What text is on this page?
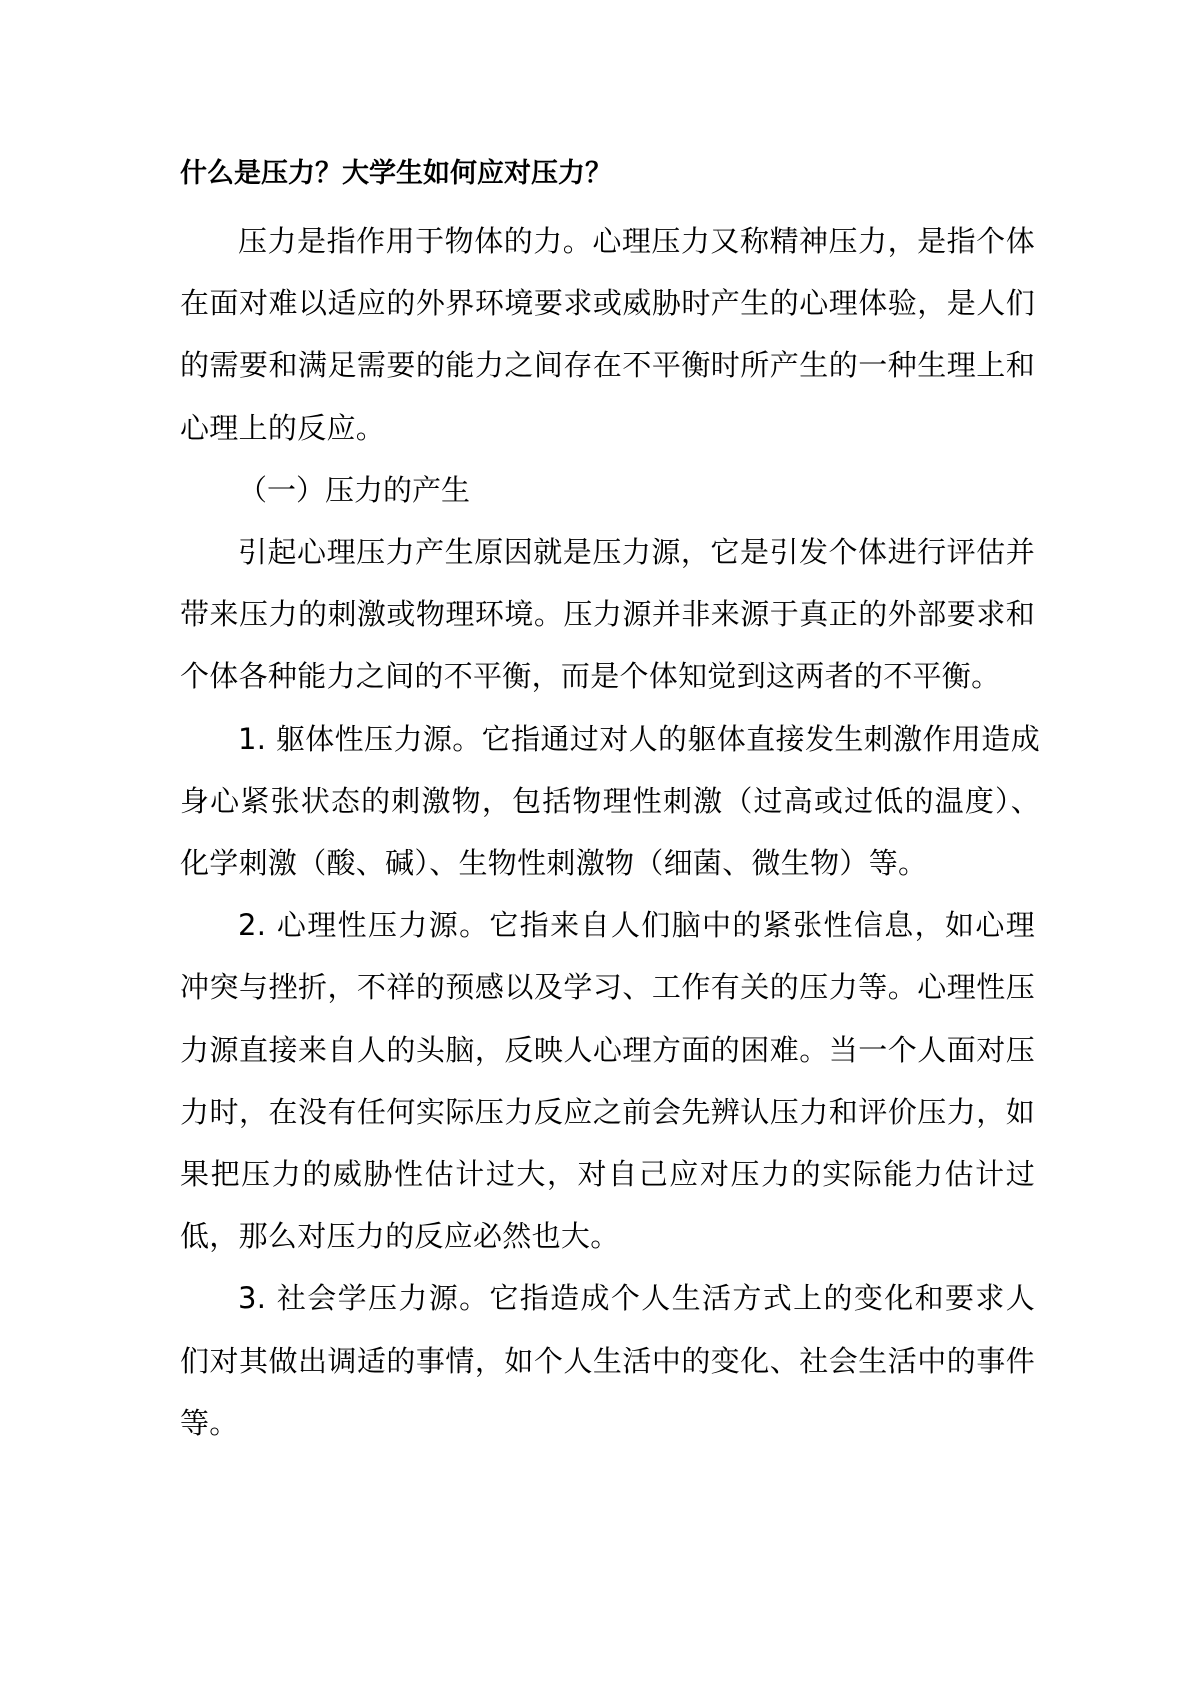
什么是压力？大学生如何应对压力？

压力是指作用于物体的力。心理压力又称精神压力，是指个体在面对难以适应的外界环境要求或威胁时产生的心理体验，是人们的需要和满足需要的能力之间存在不平衡时所产生的一种生理上和心理上的反应。

（一）压力的产生

引起心理压力产生原因就是压力源，它是引发个体进行评估并带来压力的刺激或物理环境。压力源并非来源于真正的外部要求和个体各种能力之间的不平衡，而是个体知觉到这两者的不平衡。

1. 躯体性压力源。它指通过对人的躯体直接发生刺激作用造成身心紧张状态的刺激物，包括物理性刺激（过高或过低的温度）、化学刺激（酸、碱）、生物性刺激物（细菌、微生物）等。

2. 心理性压力源。它指来自人们脑中的紧张性信息，如心理冲突与挫折，不祥的预感以及学习、工作有关的压力等。心理性压力源直接来自人的头脑，反映人心理方面的困难。当一个人面对压力时，在没有任何实际压力反应之前会先辨认压力和评价压力，如果把压力的威胁性估计过大，对自己应对压力的实际能力估计过低，那么对压力的反应必然也大。

3. 社会学压力源。它指造成个人生活方式上的变化和要求人们对其做出调适的事情，如个人生活中的变化、社会生活中的事件等。
